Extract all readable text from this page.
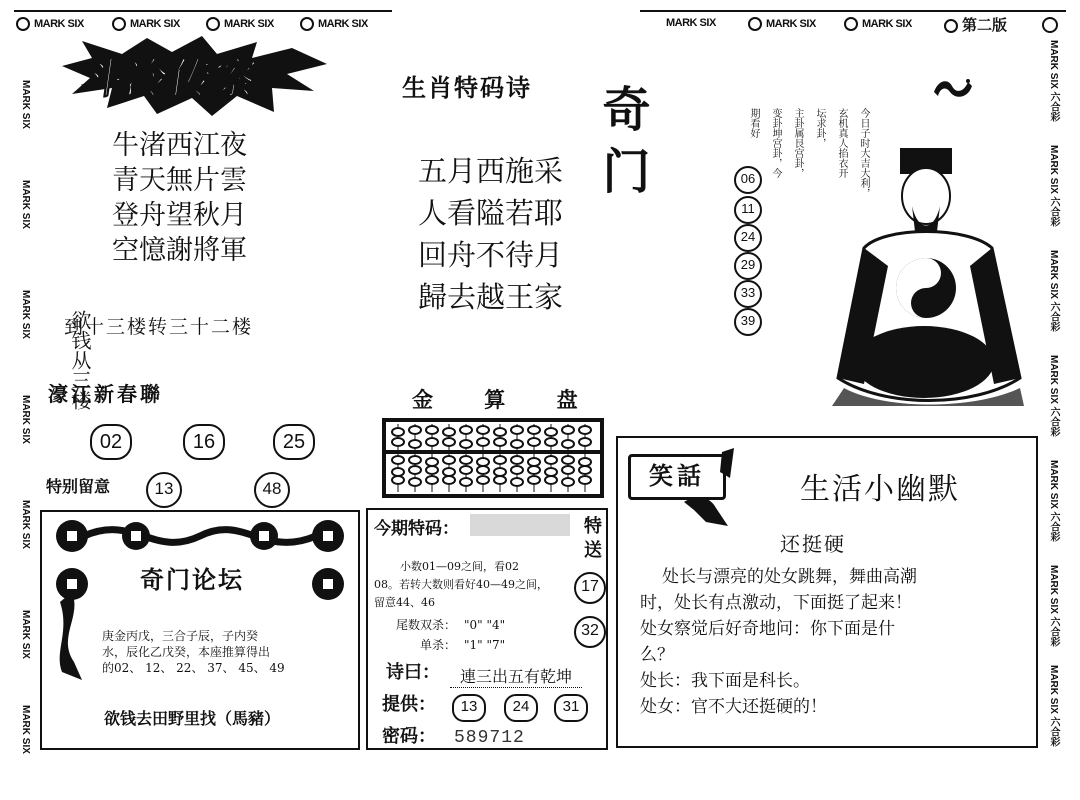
MARK SIX	MARK SIX	MARK SIX	MARK SIX	MARK SIX	MARK SIX	MARK SIX	第二版
MARK SIX
MARK SIX
MARK SIX
MARK SIX
MARK SIX
MARK SIX
MARK SIX
MARK SIX 六合彩
MARK SIX 六合彩
MARK SIX 六合彩
MARK SIX 六合彩
MARK SIX 六合彩
MARK SIX 六合彩
MARK SIX 六合彩
斗冷传察
牛渚西江夜
青天無片雲
登舟望秋月
空憶謝將軍
欲钱从三楼
到十三楼转三十二楼
濠江新春聯
02	16	25
特别留意	13	48
奇门论坛
庚金丙戊，三合子辰，子内癸
水，辰化乙戊癸，本座推算得出
的02、 12、 22、 37、 45、 49
欲钱去田野里找（馬豬）
生肖特码诗 奇门
五月西施采
人看隘若耶
回舟不待月
歸去越王家
金 算 盘
今期特码：	特送
小数01—09之间，看02
08。若转大数则看好40—49之间，
留意44、46
17
32
尾数双杀： "0" "4"
单杀： "1" "7"
诗曰：	連三出五有乾坤
提供：	13	24	31
密码： 589712
今日子时大吉大利，
玄机真人掐衣开
坛求卦，
主卦属艮宫卦，
变卦坤宫卦，今
期看好
06
11
24
29
33
39
笑話	生活小幽默
还挺硬
处长与漂亮的处女跳舞，舞曲高潮
时，处长有点激动，下面挺了起来！
处女察觉后好奇地问：你下面是什
么？
处长：我下面是科长。
处女：官不大还挺硬的！
